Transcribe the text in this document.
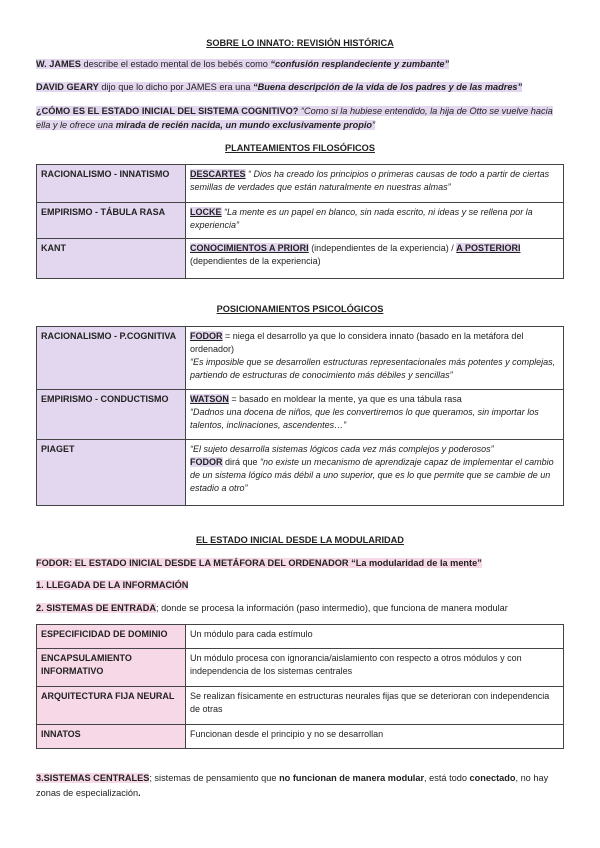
SOBRE LO INNATO: REVISIÓN HISTÓRICA

W. JAMES describe el estado mental de los bebés como “confusión resplandeciente y zumbante”

DAVID GEARY dijo que lo dicho por JAMES era una “Buena descripción de la vida de los padres y de las madres”

¿CÓMO ES EL ESTADO INICIAL DEL SISTEMA COGNITIVO? “Como si la hubiese entendido, la hija de Otto se vuelve hacia ella y le ofrece una mirada de recién nacida, un mundo exclusivamente propio”

PLANTEAMIENTOS FILOSÓFICOS

RACIONALISMO - INNATISMO	DESCARTES “ Dios ha creado los principios o primeras causas de todo a partir de ciertas semillas de verdades que están naturalmente en nuestras almas”
EMPIRISMO - TÁBULA RASA	LOCKE “La mente es un papel en blanco, sin nada escrito, ni ideas y se rellena por la experiencia”
KANT	CONOCIMIENTOS A PRIORI (independientes de la experiencia) / A POSTERIORI (dependientes de la experiencia)

POSICIONAMIENTOS PSICOLÓGICOS

RACIONALISMO - P.COGNITIVA	FODOR = niega el desarrollo ya que lo considera innato (basado en la metáfora del ordenador)
“Es imposible que se desarrollen estructuras representacionales más potentes y complejas, partiendo de estructuras de conocimiento más débiles y sencillas”
EMPIRISMO - CONDUCTISMO	WATSON = basado en moldear la mente, ya que es una tábula rasa
“Dadnos una docena de niños, que les convertiremos lo que queramos, sin importar los talentos, inclinaciones, ascendentes…”
PIAGET	“El sujeto desarrolla sistemas lógicos cada vez más complejos y poderosos”
FODOR dirá que “no existe un mecanismo de aprendizaje capaz de implementar el cambio de un sistema lógico más débil a uno superior, que es lo que permite que se cambie de un estadio a otro”

EL ESTADO INICIAL DESDE LA MODULARIDAD

FODOR: EL ESTADO INICIAL DESDE LA METÁFORA DEL ORDENADOR “La modularidad de la mente”

1. LLEGADA DE LA INFORMACIÓN

2. SISTEMAS DE ENTRADA; donde se procesa la información (paso intermedio), que funciona de manera modular

ESPECIFICIDAD DE DOMINIO	Un módulo para cada estímulo
ENCAPSULAMIENTO INFORMATIVO	Un módulo procesa con ignorancia/aislamiento con respecto a otros módulos y con independencia de los sistemas centrales
ARQUITECTURA FIJA NEURAL	Se realizan físicamente en estructuras neurales fijas que se deterioran con independencia de otras
INNATOS	Funcionan desde el principio y no se desarrollan

3.SISTEMAS CENTRALES; sistemas de pensamiento que no funcionan de manera modular, está todo conectado, no hay zonas de especialización.
